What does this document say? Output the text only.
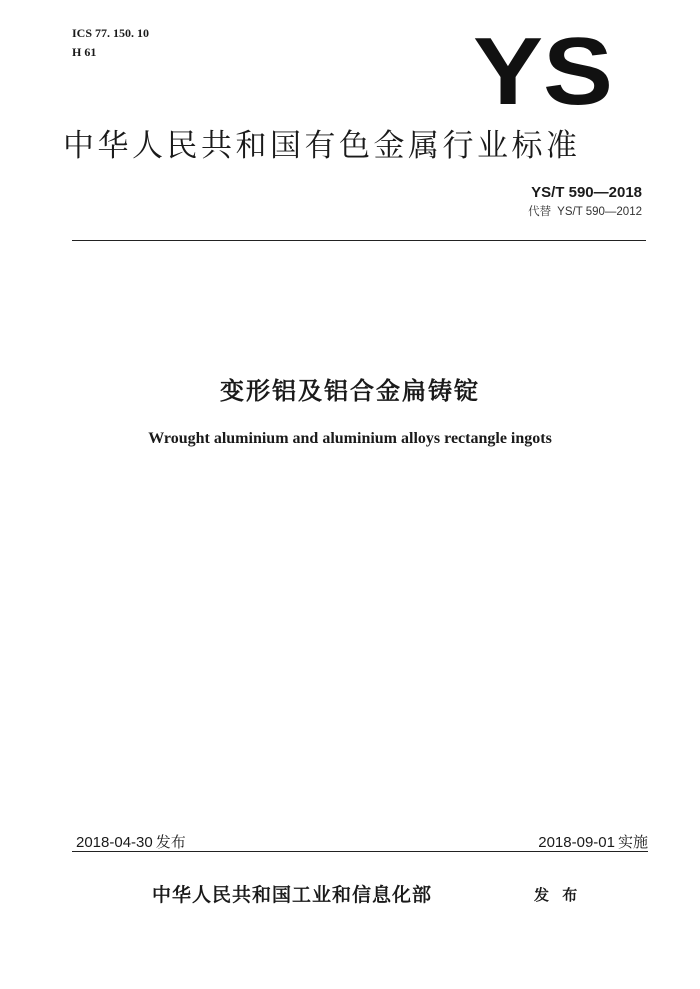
ICS 77. 150. 10
H 61	YS
中华人民共和国有色金属行业标准
YS/T 590—2018
代替 YS/T 590—2012
变形铝及铝合金扁铸锭
Wrought aluminium and aluminium alloys rectangle ingots
2018-04-30 发布	2018-09-01 实施
中华人民共和国工业和信息化部	发 布
